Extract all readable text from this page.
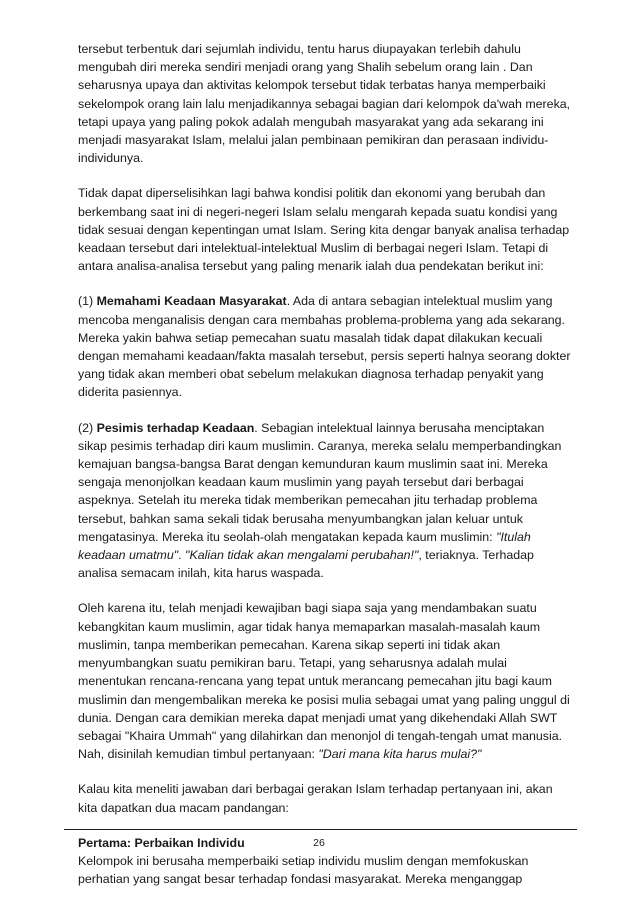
tersebut terbentuk dari sejumlah individu, tentu harus diupayakan terlebih dahulu
mengubah diri mereka sendiri menjadi orang yang Shalih sebelum orang lain . Dan
seharusnya upaya dan aktivitas kelompok tersebut tidak terbatas hanya memperbaiki
sekelompok orang lain lalu menjadikannya sebagai bagian dari kelompok da'wah mereka,
tetapi upaya yang paling pokok adalah mengubah masyarakat yang ada sekarang ini
menjadi masyarakat Islam, melalui jalan pembinaan pemikiran dan perasaan individu-
individunya.
Tidak dapat diperselisihkan lagi bahwa kondisi politik dan ekonomi yang berubah dan
berkembang saat ini di negeri-negeri Islam selalu mengarah kepada suatu kondisi yang
tidak sesuai dengan kepentingan umat Islam. Sering kita dengar banyak analisa terhadap
keadaan tersebut dari intelektual-intelektual Muslim di berbagai negeri Islam. Tetapi di
antara analisa-analisa tersebut yang paling menarik ialah dua pendekatan berikut ini:
(1) Memahami Keadaan Masyarakat. Ada di antara sebagian intelektual muslim yang
mencoba menganalisis dengan cara membahas problema-problema yang ada sekarang.
Mereka yakin bahwa setiap pemecahan suatu masalah tidak dapat dilakukan kecuali
dengan memahami keadaan/fakta masalah tersebut, persis seperti halnya seorang dokter
yang tidak akan memberi obat sebelum melakukan diagnosa terhadap penyakit yang
diderita pasiennya.
(2) Pesimis terhadap Keadaan. Sebagian intelektual lainnya berusaha menciptakan
sikap pesimis terhadap diri kaum muslimin. Caranya, mereka selalu memperbandingkan
kemajuan bangsa-bangsa Barat dengan kemunduran kaum muslimin saat ini. Mereka
sengaja menonjolkan keadaan kaum muslimin yang payah tersebut dari berbagai
aspeknya. Setelah itu mereka tidak memberikan pemecahan jitu terhadap problema
tersebut, bahkan sama sekali tidak berusaha menyumbangkan jalan keluar untuk
mengatasinya. Mereka itu seolah-olah mengatakan kepada kaum muslimin: "Itulah
keadaan umatmu". "Kalian tidak akan mengalami perubahan!", teriaknya. Terhadap
analisa semacam inilah, kita harus waspada.
Oleh karena itu, telah menjadi kewajiban bagi siapa saja yang mendambakan suatu
kebangkitan kaum muslimin, agar tidak hanya memaparkan masalah-masalah kaum
muslimin, tanpa memberikan pemecahan. Karena sikap seperti ini tidak akan
menyumbangkan suatu pemikiran baru. Tetapi, yang seharusnya adalah mulai
menentukan rencana-rencana yang tepat untuk merancang pemecahan jitu bagi kaum
muslimin dan mengembalikan mereka ke posisi mulia sebagai umat yang paling unggul di
dunia. Dengan cara demikian mereka dapat menjadi umat yang dikehendaki Allah SWT
sebagai "Khaira Ummah" yang dilahirkan dan menonjol di tengah-tengah umat manusia.
Nah, disinilah kemudian timbul pertanyaan: "Dari mana kita harus mulai?"
Kalau kita meneliti jawaban dari berbagai gerakan Islam terhadap pertanyaan ini, akan
kita dapatkan dua macam pandangan:
Pertama: Perbaikan Individu
Kelompok ini berusaha memperbaiki setiap individu muslim dengan memfokuskan
perhatian yang sangat besar terhadap fondasi masyarakat. Mereka menganggap
26
